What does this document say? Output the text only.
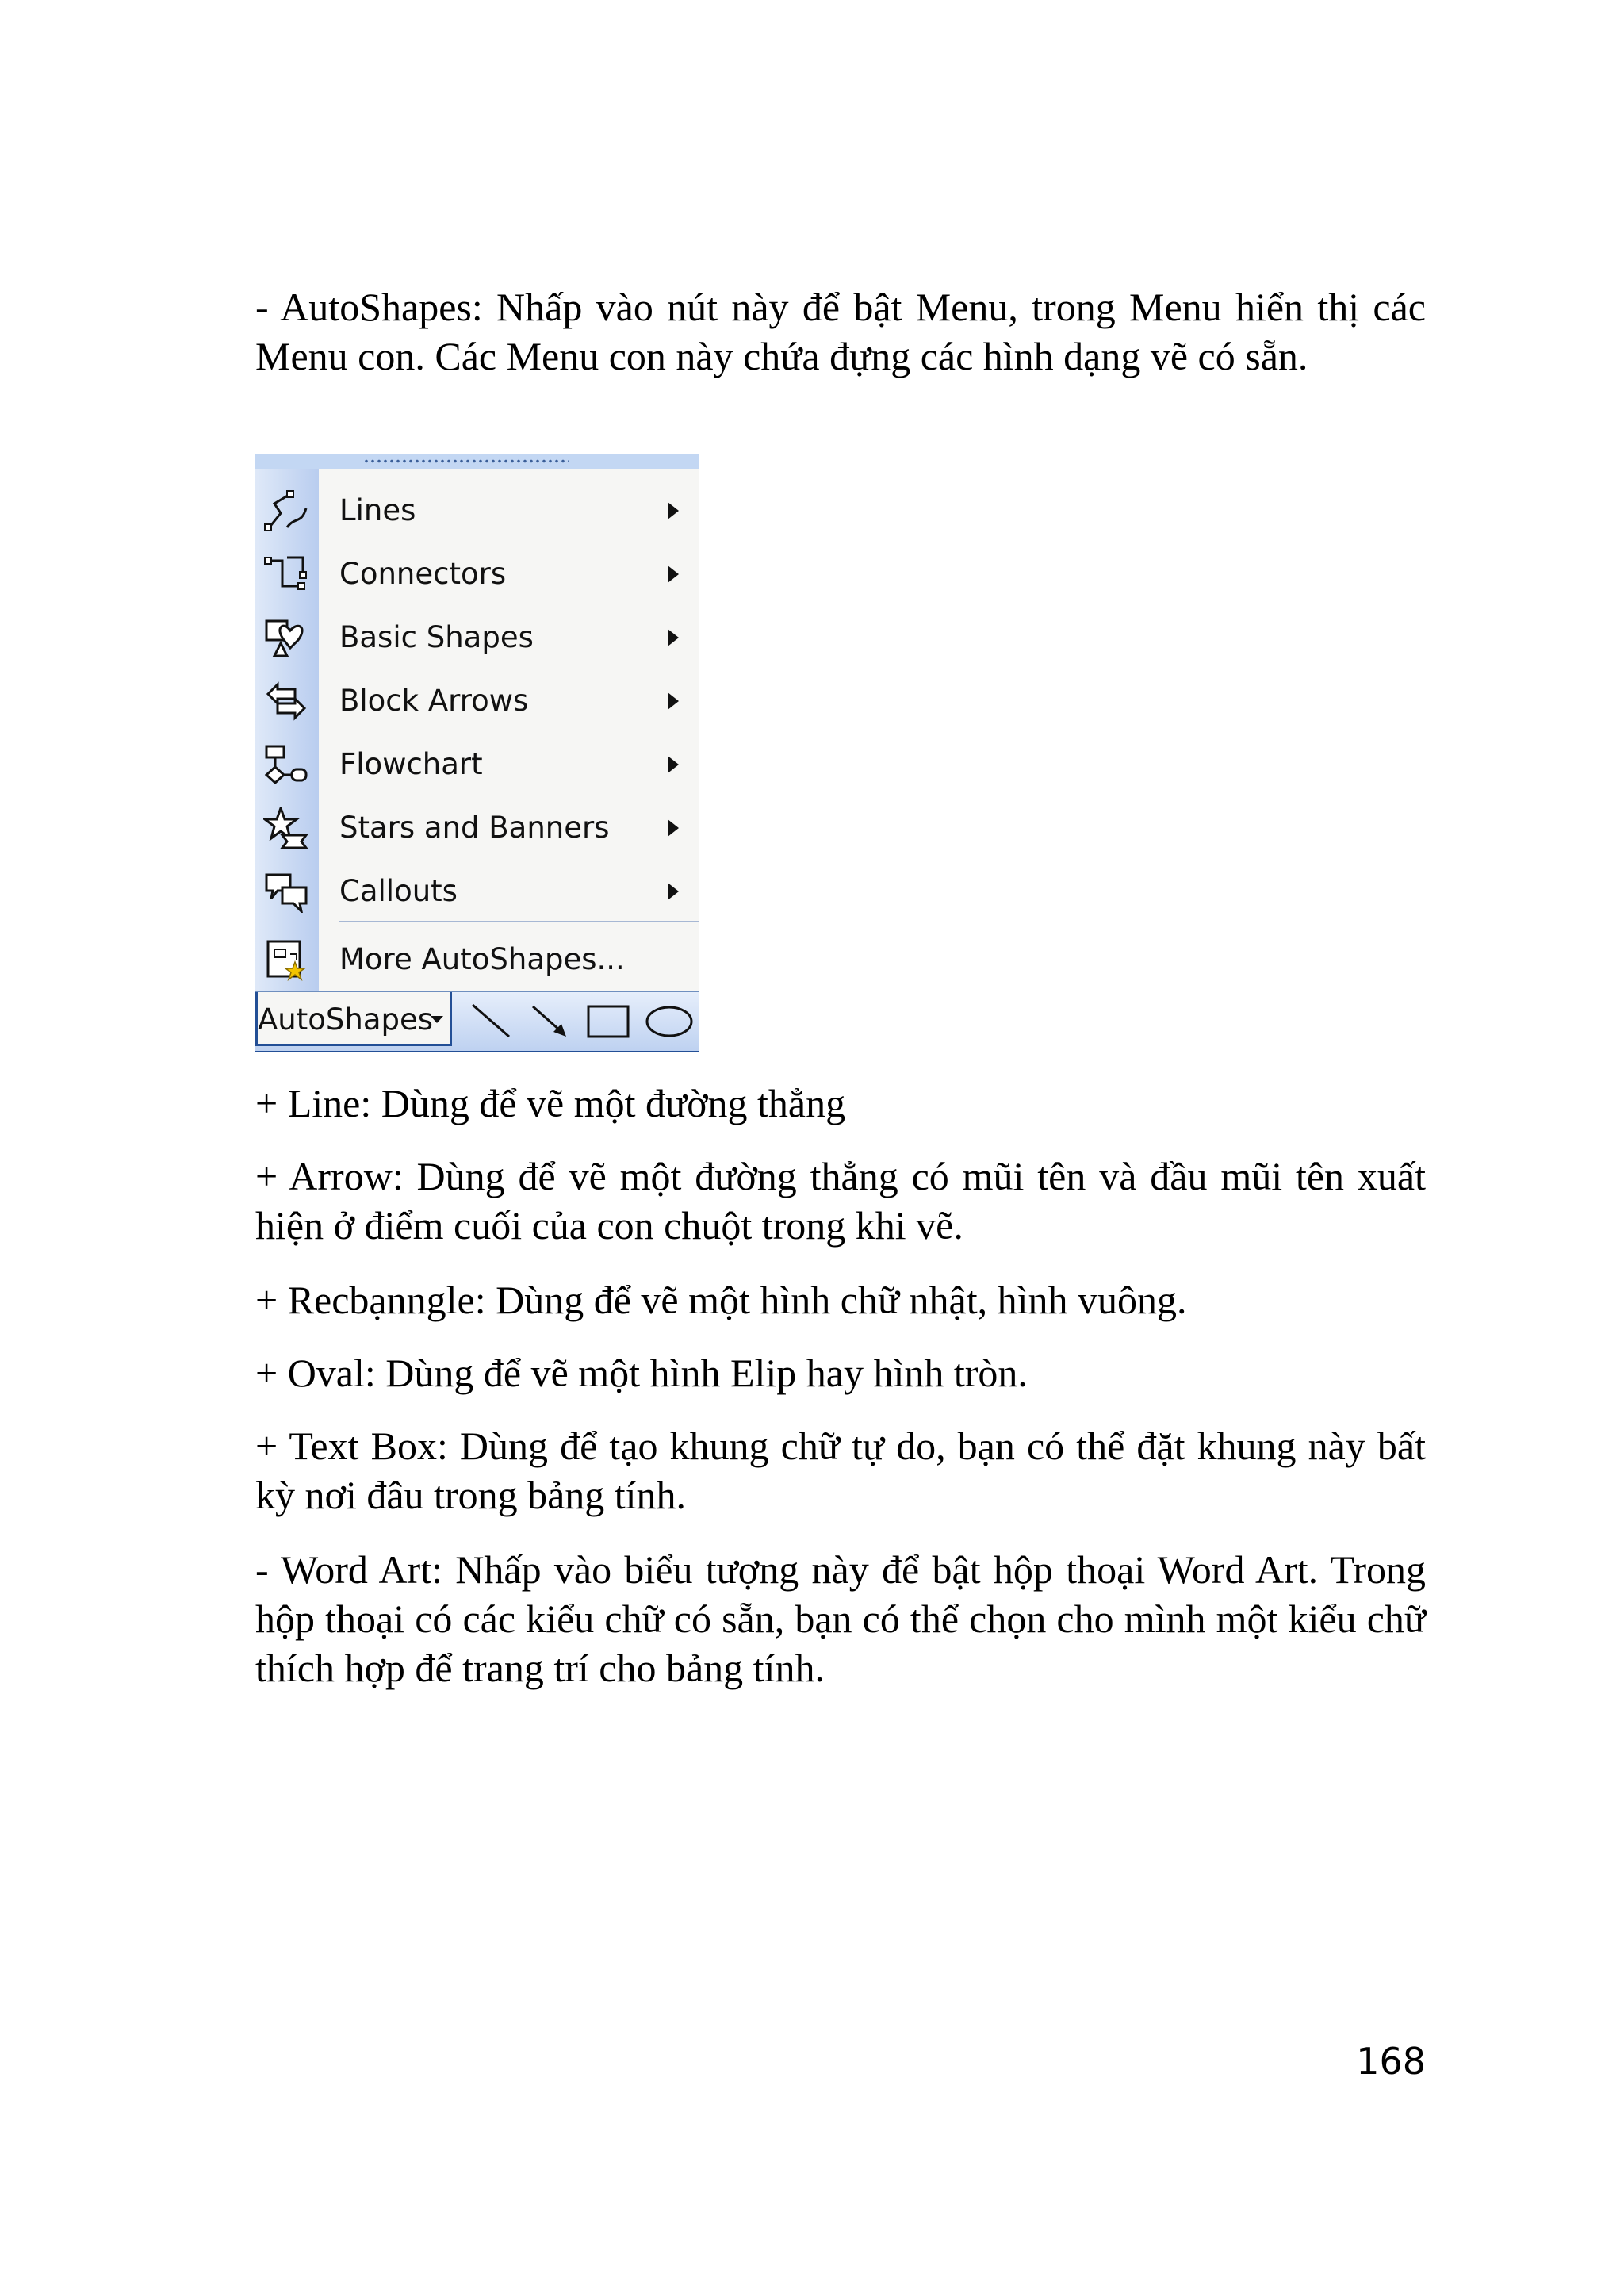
- AutoShapes: Nhấp vào nút này để bật Menu, trong Menu hiển thị các Menu con. Các Menu con này chứa đựng các hình dạng vẽ có sẵn.

Lines
Connectors
Basic Shapes
Block Arrows
Flowchart
Stars and Banners
Callouts
More AutoShapes...
AutoShapes

+ Line: Dùng để vẽ một đường thẳng

+ Arrow: Dùng để vẽ một đường thẳng có mũi tên và đầu mũi tên xuất hiện ở điểm cuối của con chuột trong khi vẽ.

+ Recbạnngle: Dùng để vẽ một hình chữ nhật, hình vuông.

+ Oval: Dùng để vẽ một hình Elip hay hình tròn.

+ Text Box: Dùng để tạo khung chữ tự do, bạn có thể đặt khung này bất kỳ nơi đâu trong bảng tính.

- Word Art: Nhấp vào biểu tượng này để bật hộp thoại Word Art. Trong hộp thoại có các kiểu chữ có sẵn, bạn có thể chọn cho mình một kiểu chữ thích hợp để trang trí cho bảng tính.

168
